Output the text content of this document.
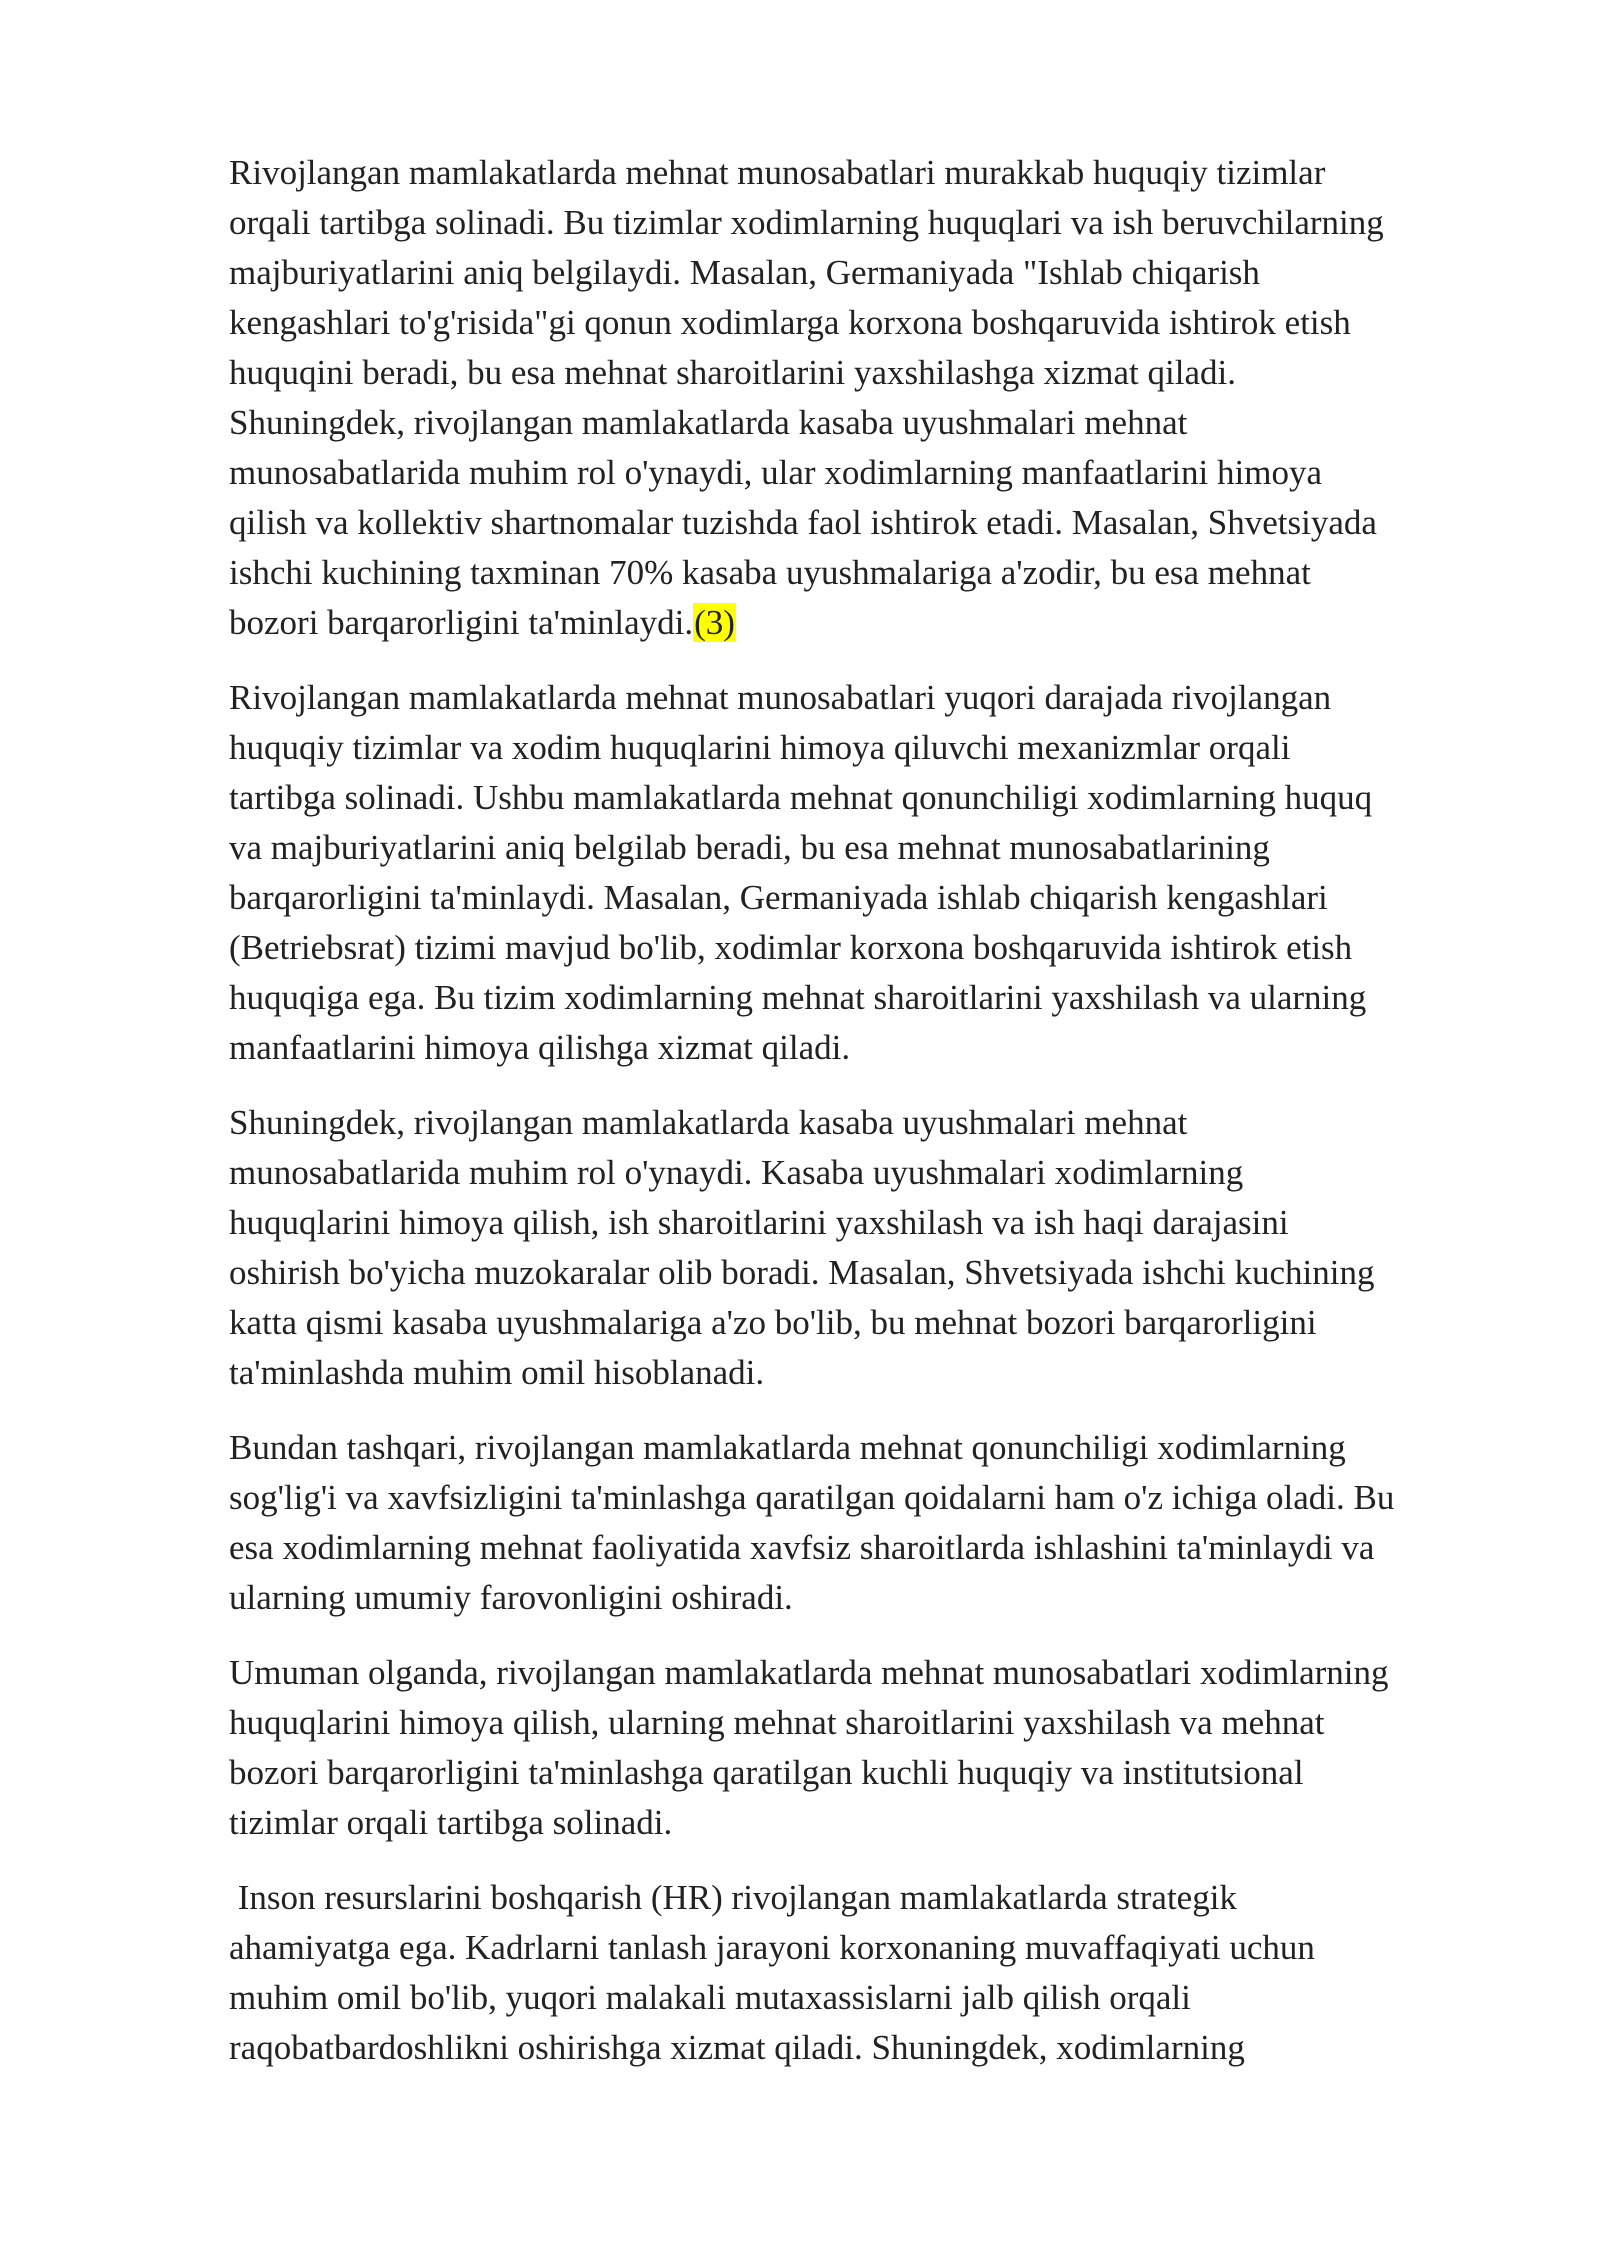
Rivojlangan mamlakatlarda mehnat munosabatlari murakkab huquqiy tizimlar
orqali tartibga solinadi. Bu tizimlar xodimlarning huquqlari va ish beruvchilarning
majburiyatlarini aniq belgilaydi. Masalan, Germaniyada "Ishlab chiqarish
kengashlari to'g'risida"gi qonun xodimlarga korxona boshqaruvida ishtirok etish
huquqini beradi, bu esa mehnat sharoitlarini yaxshilashga xizmat qiladi.
Shuningdek, rivojlangan mamlakatlarda kasaba uyushmalari mehnat
munosabatlarida muhim rol o'ynaydi, ular xodimlarning manfaatlarini himoya
qilish va kollektiv shartnomalar tuzishda faol ishtirok etadi. Masalan, Shvetsiyada
ishchi kuchining taxminan 70% kasaba uyushmalariga a'zodir, bu esa mehnat
bozori barqarorligini ta'minlaydi.(3)

Rivojlangan mamlakatlarda mehnat munosabatlari yuqori darajada rivojlangan
huquqiy tizimlar va xodim huquqlarini himoya qiluvchi mexanizmlar orqali
tartibga solinadi. Ushbu mamlakatlarda mehnat qonunchiligi xodimlarning huquq
va majburiyatlarini aniq belgilab beradi, bu esa mehnat munosabatlarining
barqarorligini ta'minlaydi. Masalan, Germaniyada ishlab chiqarish kengashlari
(Betriebsrat) tizimi mavjud bo'lib, xodimlar korxona boshqaruvida ishtirok etish
huquqiga ega. Bu tizim xodimlarning mehnat sharoitlarini yaxshilash va ularning
manfaatlarini himoya qilishga xizmat qiladi.

Shuningdek, rivojlangan mamlakatlarda kasaba uyushmalari mehnat
munosabatlarida muhim rol o'ynaydi. Kasaba uyushmalari xodimlarning
huquqlarini himoya qilish, ish sharoitlarini yaxshilash va ish haqi darajasini
oshirish bo'yicha muzokaralar olib boradi. Masalan, Shvetsiyada ishchi kuchining
katta qismi kasaba uyushmalariga a'zo bo'lib, bu mehnat bozori barqarorligini
ta'minlashda muhim omil hisoblanadi.

Bundan tashqari, rivojlangan mamlakatlarda mehnat qonunchiligi xodimlarning
sog'lig'i va xavfsizligini ta'minlashga qaratilgan qoidalarni ham o'z ichiga oladi. Bu
esa xodimlarning mehnat faoliyatida xavfsiz sharoitlarda ishlashini ta'minlaydi va
ularning umumiy farovonligini oshiradi.

Umuman olganda, rivojlangan mamlakatlarda mehnat munosabatlari xodimlarning
huquqlarini himoya qilish, ularning mehnat sharoitlarini yaxshilash va mehnat
bozori barqarorligini ta'minlashga qaratilgan kuchli huquqiy va institutsional
tizimlar orqali tartibga solinadi.

Inson resurslarini boshqarish (HR) rivojlangan mamlakatlarda strategik
ahamiyatga ega. Kadrlarni tanlash jarayoni korxonaning muvaffaqiyati uchun
muhim omil bo'lib, yuqori malakali mutaxassislarni jalb qilish orqali
raqobatbardoshlikni oshirishga xizmat qiladi. Shuningdek, xodimlarning
